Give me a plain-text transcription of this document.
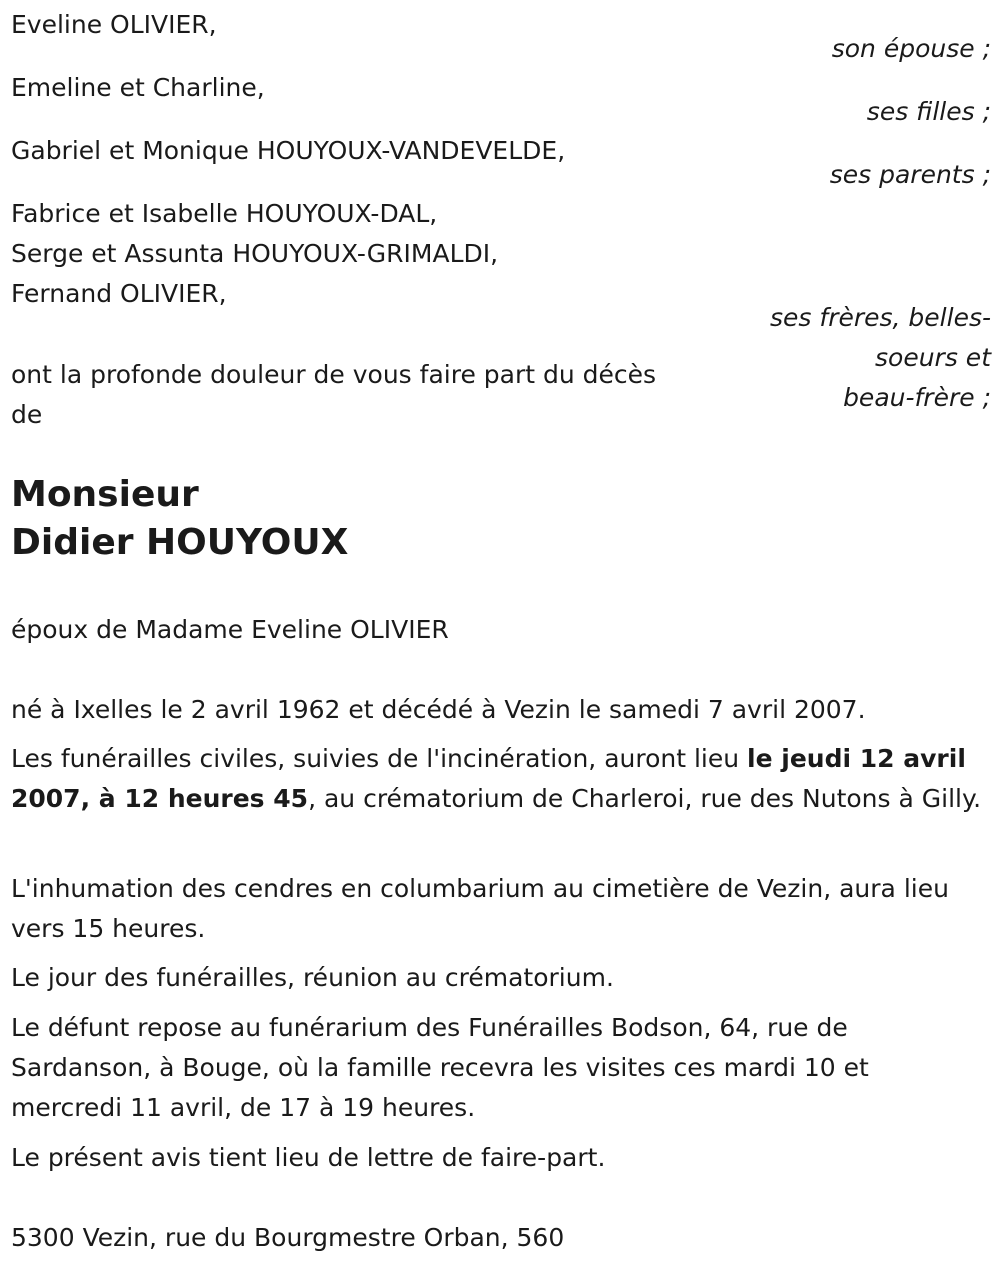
Eveline OLIVIER,
son épouse ;
Emeline et Charline,
ses filles ;
Gabriel et Monique HOUYOUX-VANDEVELDE,
ses parents ;
Fabrice et Isabelle HOUYOUX-DAL,
Serge et Assunta HOUYOUX-GRIMALDI,
Fernand OLIVIER,
ses frères, belles-
soeurs et
beau-frère ;
ont la profonde douleur de vous faire part du décès
de
Monsieur
Didier HOUYOUX
époux de Madame Eveline OLIVIER
né à Ixelles le 2 avril 1962 et décédé à Vezin le samedi 7 avril 2007.
Les funérailles civiles, suivies de l'incinération, auront lieu le jeudi 12 avril 2007, à 12 heures 45, au crématorium de Charleroi, rue des Nutons à Gilly.
L'inhumation des cendres en columbarium au cimetière de Vezin, aura lieu vers 15 heures.
Le jour des funérailles, réunion au crématorium.
Le défunt repose au funérarium des Funérailles Bodson, 64, rue de Sardanson, à Bouge, où la famille recevra les visites ces mardi 10 et mercredi 11 avril, de 17 à 19 heures.
Le présent avis tient lieu de lettre de faire-part.
5300 Vezin, rue du Bourgmestre Orban, 560
